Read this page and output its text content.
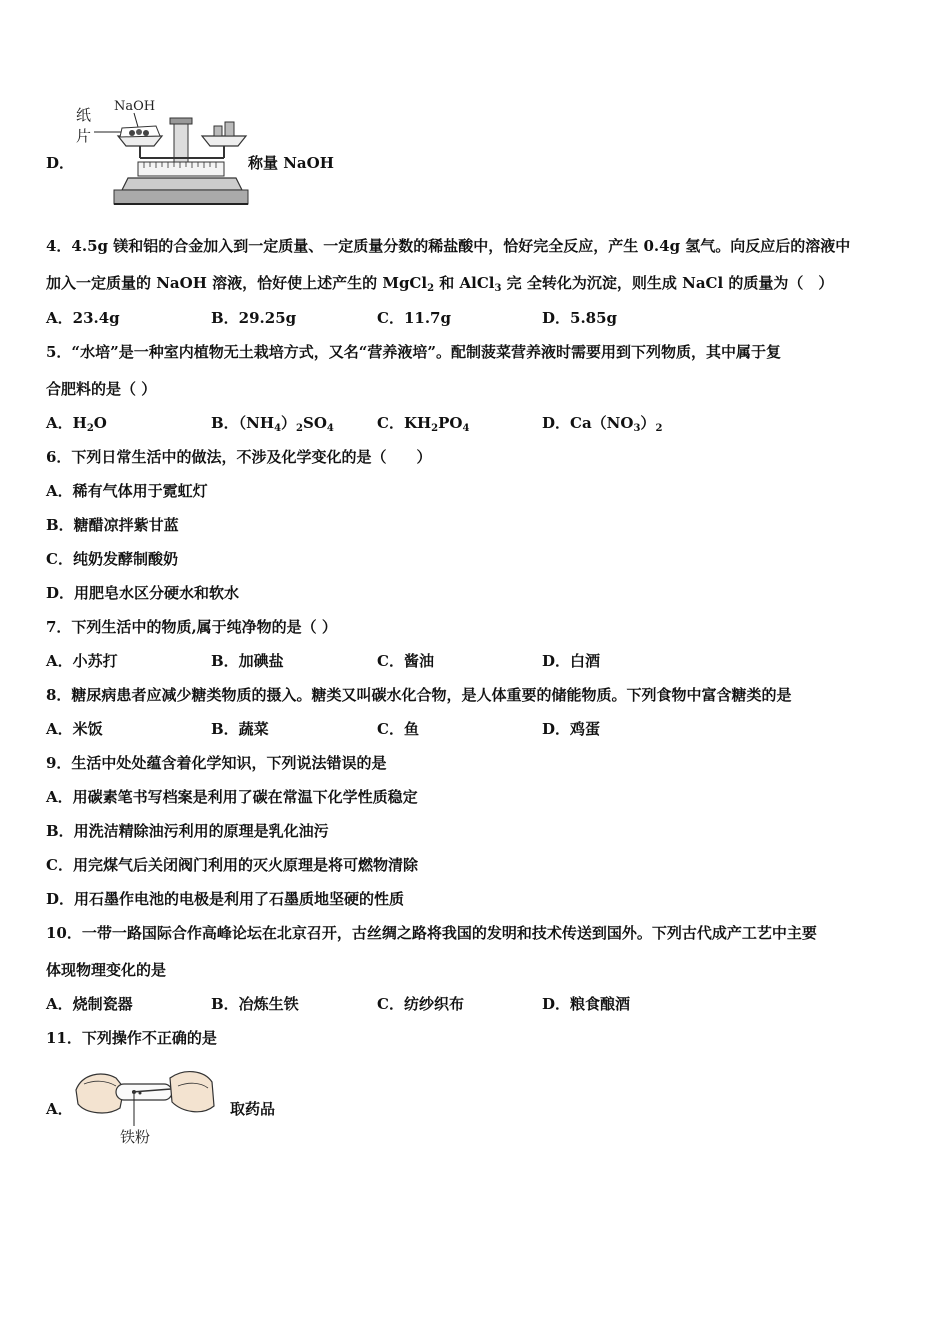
D．
纸
片
NaOH
称量 NaOH
4．4.5g 镁和铝的合金加入到一定质量、一定质量分数的稀盐酸中，恰好完全反应，产生 0.4g 氢气。向反应后的溶液中
加入一定质量的 NaOH 溶液，恰好使上述产生的 MgCl$_2$ 和 AlCl$_3$ 完 全转化为沉淀，则生成 NaCl 的质量为（　）
A．23.4g	B．29.25g	C．11.7g	D．5.85g
5．“水培”是一种室内植物无土栽培方式，又名“营养液培”。配制菠菜营养液时需要用到下列物质，其中属于复
合肥料的是（ ）
A．$H_2O$	B．$(NH_4)_2SO_4$	C．$KH_2PO_4$	D．$Ca(NO_3)_2$
6．下列日常生活中的做法，不涉及化学变化的是（　　）
A．稀有气体用于霓虹灯
B．糖醋凉拌紫甘蓝
C．纯奶发酵制酸奶
D．用肥皂水区分硬水和软水
7．下列生活中的物质,属于纯净物的是（ ）
A．小苏打	B．加碘盐	C．酱油	D．白酒
8．糖尿病患者应减少糖类物质的摄入。糖类又叫碳水化合物，是人体重要的储能物质。下列食物中富含糖类的是
A．米饭	B．蔬菜	C．鱼	D．鸡蛋
9．生活中处处蕴含着化学知识，下列说法错误的是
A．用碳素笔书写档案是利用了碳在常温下化学性质稳定
B．用洗洁精除油污利用的原理是乳化油污
C．用完煤气后关闭阀门利用的灭火原理是将可燃物清除
D．用石墨作电池的电极是利用了石墨质地坚硬的性质
10．一带一路国际合作高峰论坛在北京召开，古丝绸之路将我国的发明和技术传送到国外。下列古代成产工艺中主要
体现物理变化的是
A．烧制瓷器	B．冶炼生铁	C．纺纱织布	D．粮食酿酒
11．下列操作不正确的是
A．
铁粉
取药品
